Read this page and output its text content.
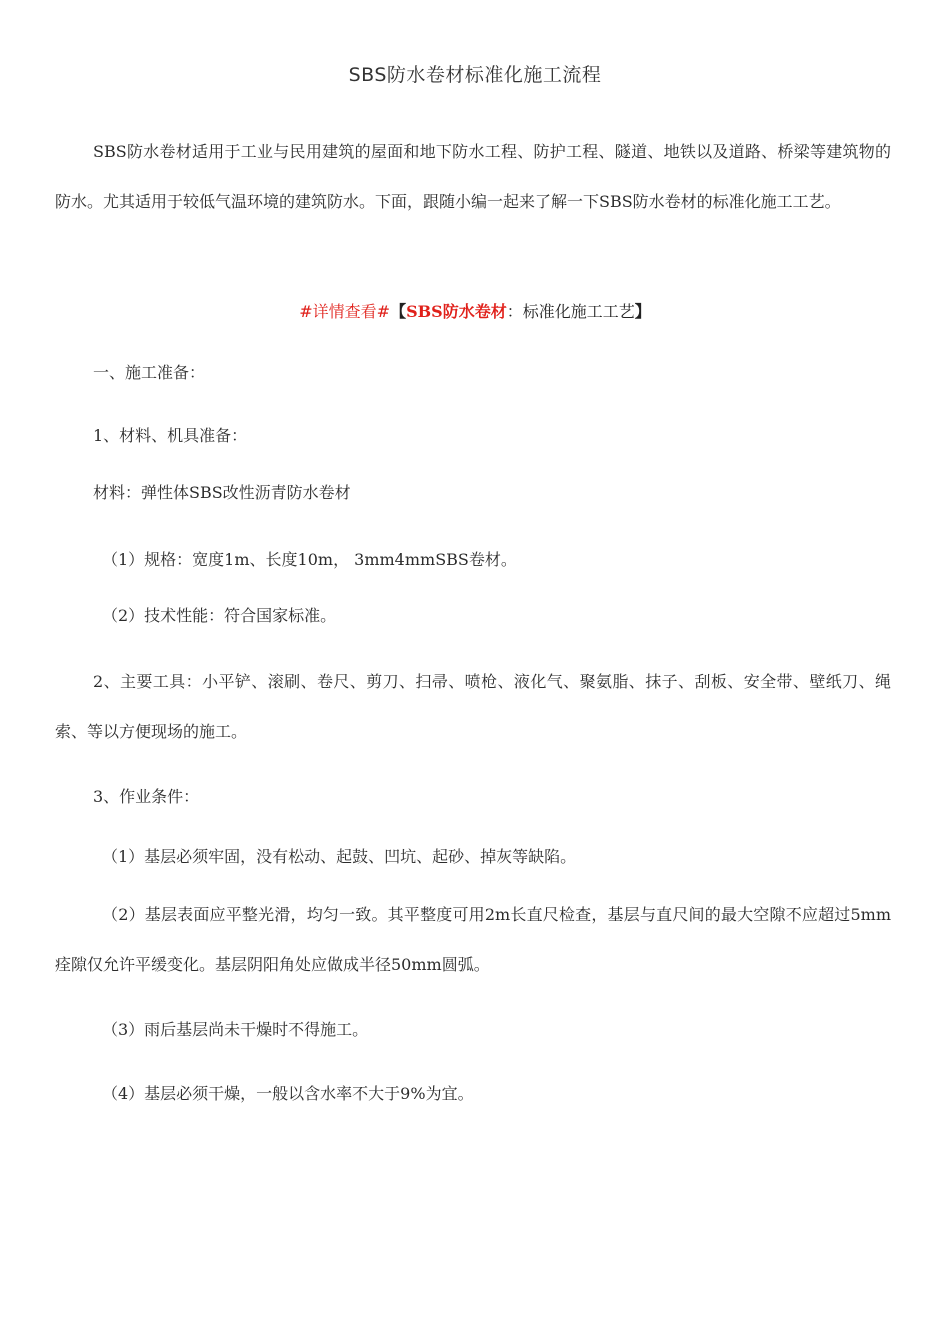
SBS防水卷材标准化施工流程

SBS防水卷材适用于工业与民用建筑的屋面和地下防水工程、防护工程、隧道、地铁以及道路、桥梁等建筑物的防水。尤其适用于较低气温环境的建筑防水。下面，跟随小编一起来了解一下SBS防水卷材的标准化施工工艺。

#详情查看#【SBS防水卷材：标准化施工工艺】

一、施工准备：

1、材料、机具准备：

材料：弹性体SBS改性沥青防水卷材

（1）规格：宽度1m、长度10m， 3mm4mmSBS卷材。

（2）技术性能：符合国家标准。

2、主要工具：小平铲、滚刷、卷尺、剪刀、扫帚、喷枪、液化气、聚氨脂、抹子、刮板、安全带、壁纸刀、绳索、等以方便现场的施工。

3、作业条件：

（1）基层必须牢固，没有松动、起鼓、凹坑、起砂、掉灰等缺陷。

（2）基层表面应平整光滑，均匀一致。其平整度可用2m长直尺检查，基层与直尺间的最大空隙不应超过5mm痊隙仅允许平缓变化。基层阴阳角处应做成半径50mm圆弧。

（3）雨后基层尚未干燥时不得施工。

（4）基层必须干燥，一般以含水率不大于9%为宜。
